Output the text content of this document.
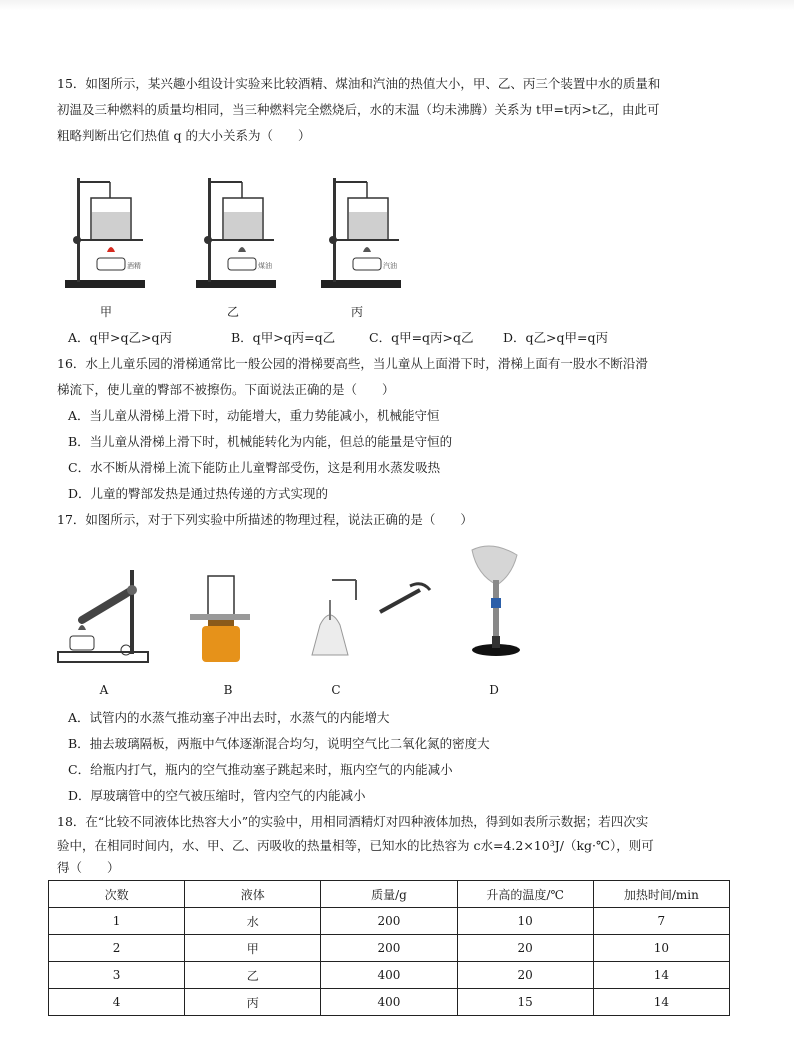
15．如图所示，某兴趣小组设计实验来比较酒精、煤油和汽油的热值大小，甲、乙、丙三个装置中水的质量和
初温及三种燃料的质量均相同，当三种燃料完全燃烧后，水的末温（均未沸腾）关系为 t甲=t丙>t乙，由此可
粗略判断出它们热值 q 的大小关系为（　　）
酒精	煤油	汽油
甲	乙	丙
A．q甲>q乙>q丙	B．q甲>q丙=q乙	C．q甲=q丙>q乙 D．q乙>q甲=q丙
16．水上儿童乐园的滑梯通常比一般公园的滑梯要高些，当儿童从上面滑下时，滑梯上面有一股水不断沿滑
梯流下，使儿童的臀部不被擦伤。下面说法正确的是（　　）
A．当儿童从滑梯上滑下时，动能增大，重力势能减小，机械能守恒
B．当儿童从滑梯上滑下时，机械能转化为内能，但总的能量是守恒的
C．水不断从滑梯上流下能防止儿童臀部受伤，这是利用水蒸发吸热
D．儿童的臀部发热是通过热传递的方式实现的
17．如图所示，对于下列实验中所描述的物理过程，说法正确的是（　　）
A	B	C	D
A．试管内的水蒸气推动塞子冲出去时，水蒸气的内能增大
B．抽去玻璃隔板，两瓶中气体逐渐混合均匀，说明空气比二氧化氮的密度大
C．给瓶内打气，瓶内的空气推动塞子跳起来时，瓶内空气的内能减小
D．厚玻璃管中的空气被压缩时，管内空气的内能减小
18．在“比较不同液体比热容大小”的实验中，用相同酒精灯对四种液体加热，得到如表所示数据；若四次实
验中，在相同时间内，水、甲、乙、丙吸收的热量相等，已知水的比热容为 c水=4.2×10³J/（kg·℃），则可
得（　　）
次数	液体	质量/g	升高的温度/℃	加热时间/min
1	水	200	10	7
2	甲	200	20	10
3	乙	400	20	14
4	丙	400	15	14
